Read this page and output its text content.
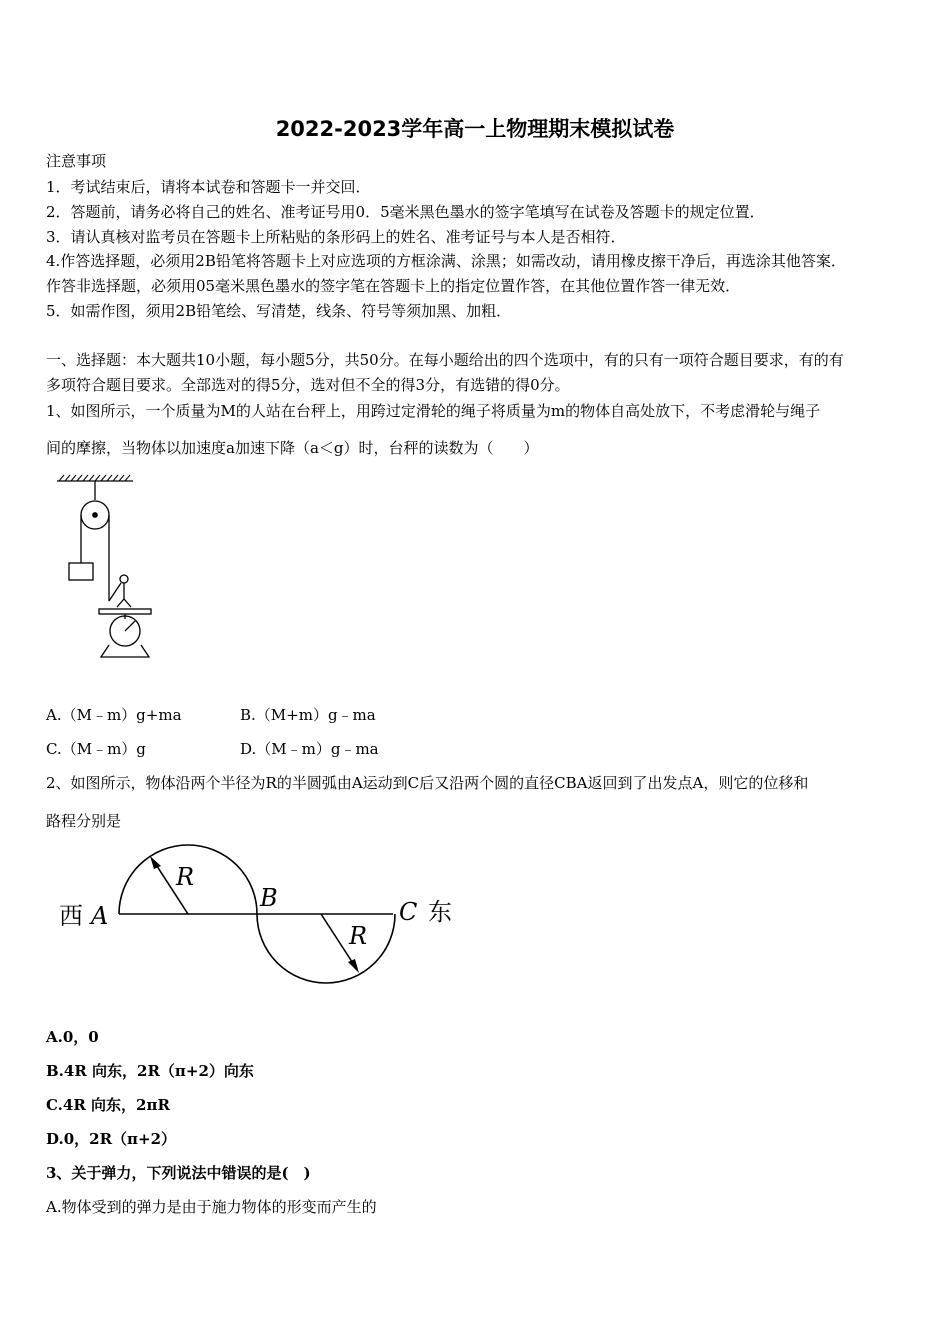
2022-2023学年高一上物理期末模拟试卷
注意事项
1．考试结束后，请将本试卷和答题卡一并交回．
2．答题前，请务必将自己的姓名、准考证号用0．5毫米黑色墨水的签字笔填写在试卷及答题卡的规定位置．
3．请认真核对监考员在答题卡上所粘贴的条形码上的姓名、准考证号与本人是否相符．
4.作答选择题，必须用2B铅笔将答题卡上对应选项的方框涂满、涂黑；如需改动，请用橡皮擦干净后，再选涂其他答案．
作答非选择题，必须用05毫米黑色墨水的签字笔在答题卡上的指定位置作答，在其他位置作答一律无效．
5．如需作图，须用2B铅笔绘、写清楚，线条、符号等须加黑、加粗．
一、选择题：本大题共10小题，每小题5分，共50分。在每小题给出的四个选项中，有的只有一项符合题目要求，有的有
多项符合题目要求。全部选对的得5分，选对但不全的得3分，有选错的得0分。
1、如图所示，一个质量为M的人站在台秤上，用跨过定滑轮的绳子将质量为m的物体自高处放下，不考虑滑轮与绳子
间的摩擦，当物体以加速度a加速下降（a＜g）时，台秤的读数为（　　）
A.（M﹣m）g+ma	B.（M+m）g﹣ma
C.（M﹣m）g	D.（M﹣m）g﹣ma
2、如图所示，物体沿两个半径为R的半圆弧由A运动到C后又沿两个圆的直径CBA返回到了出发点A，则它的位移和
路程分别是
西 A
B	C 东
R
R
A.0，0
B.4R 向东，2R（π+2）向东
C.4R 向东，2πR
D.0，2R（π+2）
3、关于弹力，下列说法中错误的是(　)
A.物体受到的弹力是由于施力物体的形变而产生的
